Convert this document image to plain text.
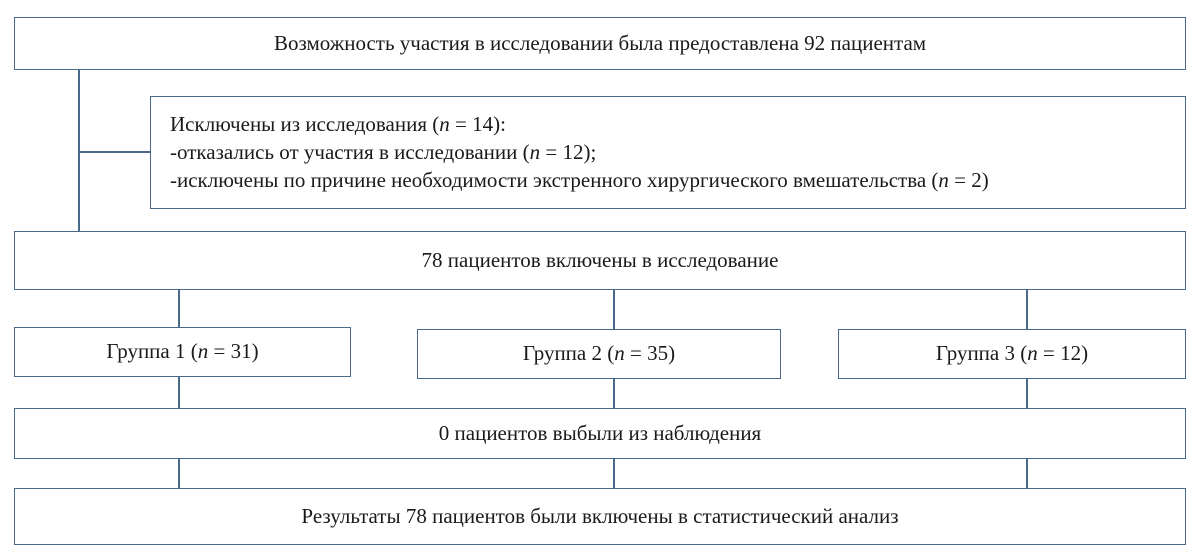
Возможность участия в исследовании была предоставлена 92 пациентам
Исключены из исследования (n = 14):
-отказались от участия в исследовании (n = 12);
-исключены по причине необходимости экстренного хирургического вмешательства (n = 2)
78 пациентов включены в исследование
Группа 1 (n = 31)	Группа 2 (n = 35)	Группа 3 (n = 12)
0 пациентов выбыли из наблюдения
Результаты 78 пациентов были включены в статистический анализ
